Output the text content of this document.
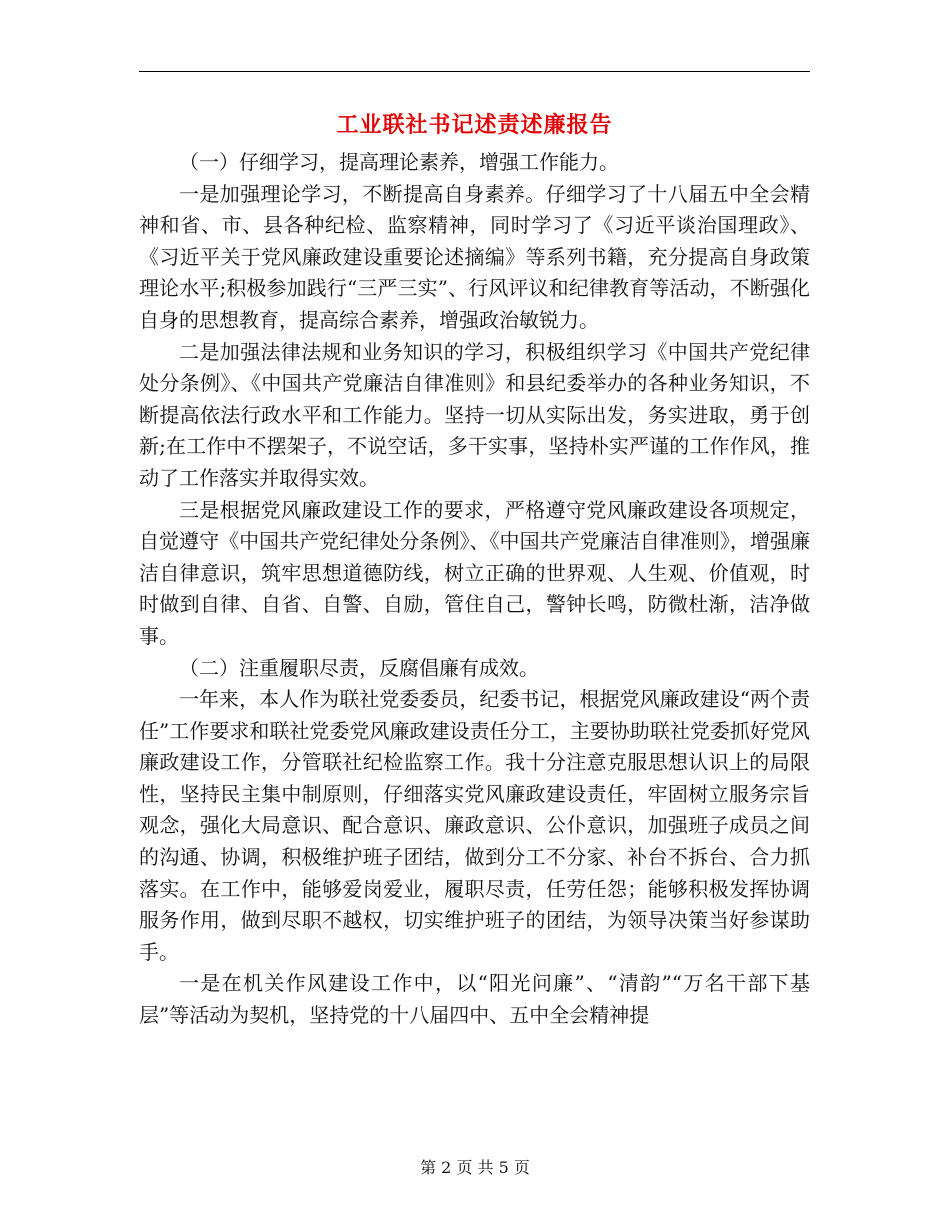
工业联社书记述责述廉报告

（一）仔细学习，提高理论素养，增强工作能力。

一是加强理论学习，不断提高自身素养。仔细学习了十八届五中全会精神和省、市、县各种纪检、监察精神，同时学习了《习近平谈治国理政》、《习近平关于党风廉政建设重要论述摘编》等系列书籍，充分提高自身政策理论水平;积极参加践行“三严三实”、行风评议和纪律教育等活动，不断强化自身的思想教育，提高综合素养，增强政治敏锐力。

二是加强法律法规和业务知识的学习，积极组织学习《中国共产党纪律处分条例》、《中国共产党廉洁自律准则》和县纪委举办的各种业务知识，不断提高依法行政水平和工作能力。坚持一切从实际出发，务实进取，勇于创新;在工作中不摆架子，不说空话，多干实事，坚持朴实严谨的工作作风，推动了工作落实并取得实效。

三是根据党风廉政建设工作的要求，严格遵守党风廉政建设各项规定，自觉遵守《中国共产党纪律处分条例》、《中国共产党廉洁自律准则》，增强廉洁自律意识，筑牢思想道德防线，树立正确的世界观、人生观、价值观，时时做到自律、自省、自警、自励，管住自己，警钟长鸣，防微杜渐，洁净做事。

（二）注重履职尽责，反腐倡廉有成效。

一年来，本人作为联社党委委员，纪委书记，根据党风廉政建设“两个责任”工作要求和联社党委党风廉政建设责任分工，主要协助联社党委抓好党风廉政建设工作，分管联社纪检监察工作。我十分注意克服思想认识上的局限性，坚持民主集中制原则，仔细落实党风廉政建设责任，牢固树立服务宗旨观念，强化大局意识、配合意识、廉政意识、公仆意识，加强班子成员之间的沟通、协调，积极维护班子团结，做到分工不分家、补台不拆台、合力抓落实。在工作中，能够爱岗爱业，履职尽责，任劳任怨；能够积极发挥协调服务作用，做到尽职不越权，切实维护班子的团结，为领导决策当好参谋助手。

一是在机关作风建设工作中，以“阳光问廉”、“清韵”“万名干部下基层”等活动为契机，坚持党的十八届四中、五中全会精神提

第 2 页 共 5 页
